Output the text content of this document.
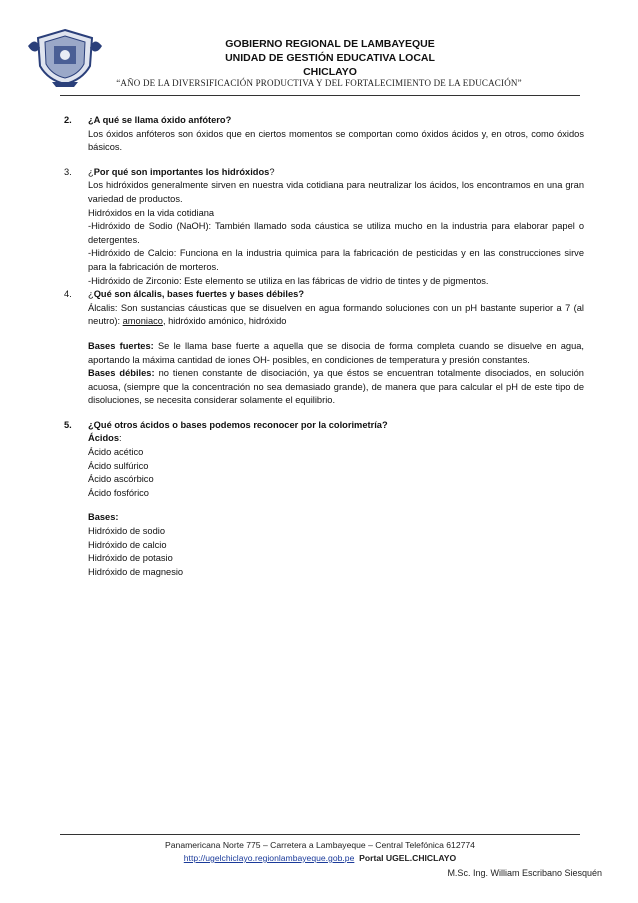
GOBIERNO REGIONAL DE LAMBAYEQUE
UNIDAD DE GESTIÓN EDUCATIVA LOCAL
CHICLAYO
“AÑO DE LA DIVERSIFICACIÓN PRODUCTIVA Y DEL FORTALECIMIENTO DE LA EDUCACIÓN”
2. ¿A qué se llama óxido anfótero?

Los óxidos anfóteros son óxidos que en ciertos momentos se comportan como óxidos ácidos y, en otros, como óxidos básicos.

3. ¿Por qué son importantes los hidróxidos?

Los hidróxidos generalmente sirven en nuestra vida cotidiana para neutralizar los ácidos, los encontramos en una gran variedad de productos.

Hidróxidos en la vida cotidiana

-Hidróxido de Sodio (NaOH): También llamado soda cáustica se utiliza mucho en la industria para elaborar papel o detergentes.

-Hidróxido de Calcio: Funciona en la industria quimica para la fabricación de pesticidas y en las construcciones sirve para la fabricación de morteros.

-Hidróxido de Zirconio: Este elemento se utiliza en las fábricas de vidrio de tintes y de pigmentos.

4. ¿Qué son álcalis, bases fuertes y bases débiles?

Álcalis: Son sustancias cáusticas que se disuelven en agua formando soluciones con un pH bastante superior a 7 (al neutro): amoniaco, hidróxido amónico, hidróxido

Bases fuertes: Se le llama base fuerte a aquella que se disocia de forma completa cuando se disuelve en agua, aportando la máxima cantidad de iones OH- posibles, en condiciones de temperatura y presión constantes.

Bases débiles: no tienen constante de disociación, ya que éstos se encuentran totalmente disociados, en solución acuosa, (siempre que la concentración no sea demasiado grande), de manera que para calcular el pH de este tipo de disoluciones, se necesita considerar solamente el equilibrio.

5. ¿Qué otros ácidos o bases podemos reconocer por la colorimetría?

Ácidos:

Ácido acético

Ácido sulfúrico

Ácido ascórbico

Ácido fosfórico

Bases:

Hidróxido de sodio

Hidróxido de calcio

Hidróxido de potasio

Hidróxido de magnesio

Panamericana Norte 775 – Carretera a Lambayeque – Central Telefónica 612774
http://ugelchiclayo.regionlambayeque.gob.pe Portal UGEL.CHICLAYO
M.Sc. Ing. William Escribano Siesquén
